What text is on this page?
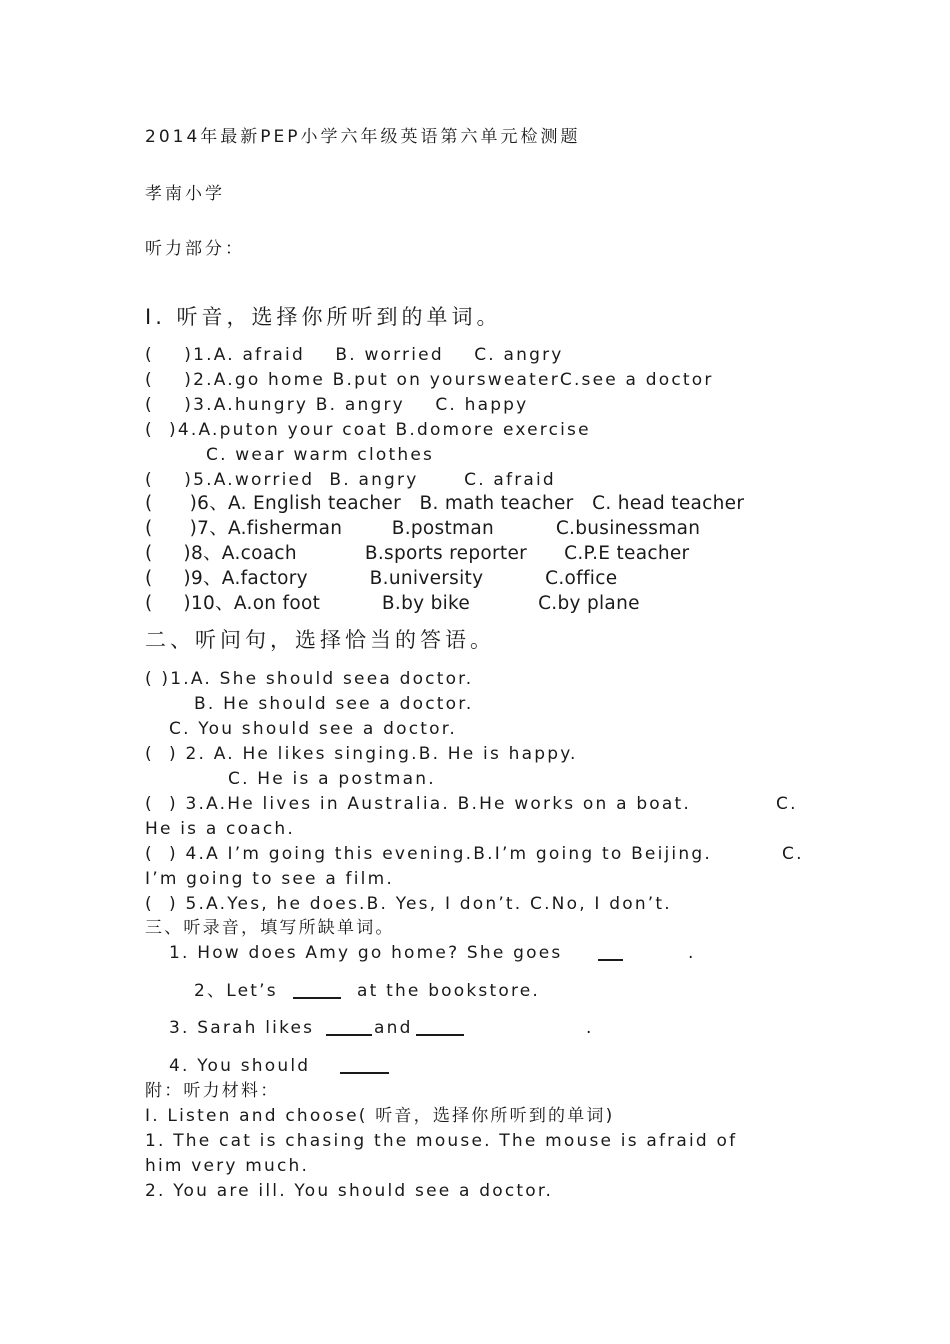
2014年最新PEP小学六年级英语第六单元检测题
孝南小学
听力部分：
Ⅰ. 听音，选择你所听到的单词。
(    )1.A. afraid    B. worried    C. angry
(    )2.A.go home B.put on yoursweaterC.see a doctor
(    )3.A.hungry B. angry    C. happy
(  )4.A.puton your coat B.domore exercise
C. wear warm clothes
(    )5.A.worried  B. angry      C. afraid
(      )6、A. English teacher   B. math teacher   C. head teacher
(      )7、A.fisherman        B.postman          C.businessman
(     )8、A.coach           B.sports reporter      C.P.E teacher
(     )9、A.factory          B.university          C.office
(     )10、A.on foot          B.by bike           C.by plane
二、听问句，选择恰当的答语。
( )1.A. She should seea doctor.
B. He should see a doctor.
C. You should see a doctor.
(  ) 2. A. He likes singing.B. He is happy.
C. He is a postman.
(  ) 3.A.He lives in Australia. B.He works on a boat.	C.
He is a coach.
(  ) 4.A I’m going this evening.B.I’m going to Beijing.	C.
I’m going to see a film.
(  ) 5.A.Yes, he does.B. Yes, I don’t. C.No, I don’t.
三、听录音，填写所缺单词。
1. How does Amy go home? She goes	.
2、Let’s	at the bookstore.
3. Sarah likes	and	.
4. You should
附：听力材料：
Ⅰ. Listen and choose( 听音，选择你所听到的单词)
1. The cat is chasing the mouse. The mouse is afraid of
him very much.
2. You are ill. You should see a doctor.
